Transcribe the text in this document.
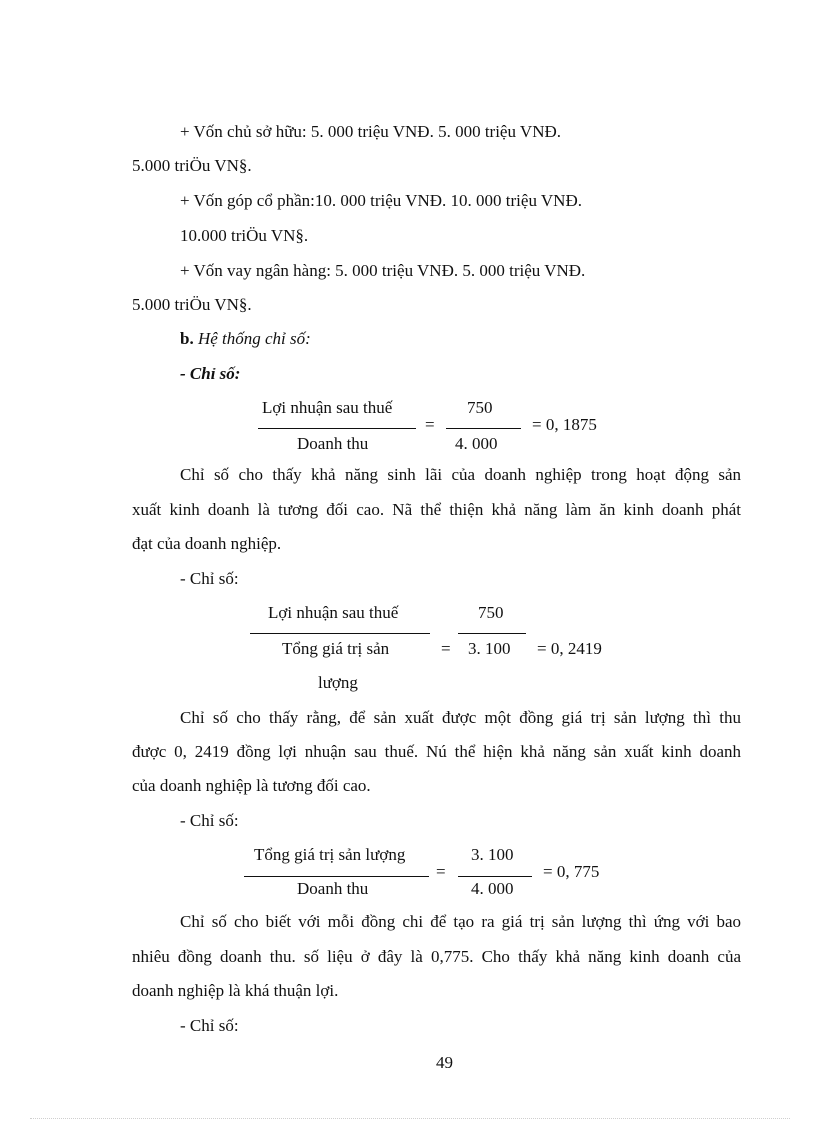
+ Vốn chủ sở hữu: 5. 000 triệu VNĐ. 5. 000 triệu VNĐ.
5.000 triÖu VN§.
+ Vốn góp cổ phần:10. 000 triệu VNĐ. 10. 000 triệu VNĐ.
10.000 triÖu VN§.
+ Vốn vay ngân hàng: 5. 000 triệu VNĐ. 5. 000 triệu VNĐ.
5.000 triÖu VN§.
b. Hệ thống chỉ số:
- Chỉ số:
Lợi nhuận sau thuế
Doanh thu
=
750
4. 000
= 0, 1875
Chỉ số cho thấy khả năng sinh lãi của doanh nghiệp trong hoạt động sản
xuất kinh doanh là tương đối cao. Nã thể thiện khả năng làm ăn kinh doanh phát
đạt của doanh nghiệp.
- Chỉ số:
Lợi nhuận sau thuế
Tổng giá trị sản
lượng
=
750
3. 100 = 0, 2419
Chỉ số cho thấy rằng, để sản xuất được một đồng giá trị sản lượng thì thu
được 0, 2419 đồng lợi nhuận sau thuế. Nú thể hiện khả năng sản xuất kinh doanh
của doanh nghiệp là tương đối cao.
- Chỉ số:
Tổng giá trị sản lượng
Doanh thu
=
3. 100
4. 000
= 0, 775
Chỉ số cho biết với mỗi đồng chi để tạo ra giá trị sản lượng thì ứng với bao
nhiêu đồng doanh thu. số liệu ở đây là 0,775. Cho thấy khả năng kinh doanh của
doanh nghiệp là khá thuận lợi.
- Chỉ số:
49
